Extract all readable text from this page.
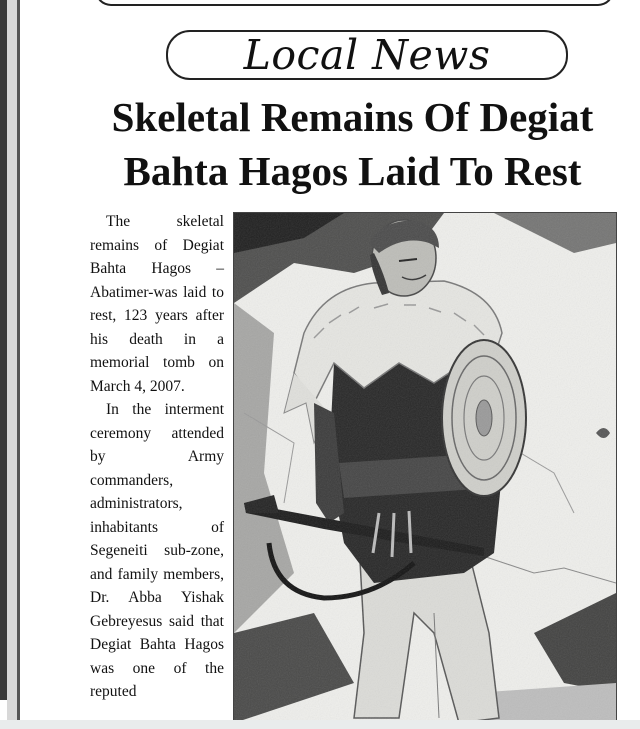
Local News
Skeletal Remains Of Degiat
Bahta Hagos Laid To Rest

The skeletal remains of Degiat Bahta Hagos – Abatimer-was laid to rest, 123 years after his death in a memorial tomb on March 4, 2007.

In the interment ceremony attended by Army commanders, administrators, inhabitants of Segeneiti sub-zone, and family members, Dr. Abba Yishak Gebreyesus said that Degiat Bahta Hagos was one of the reputed
